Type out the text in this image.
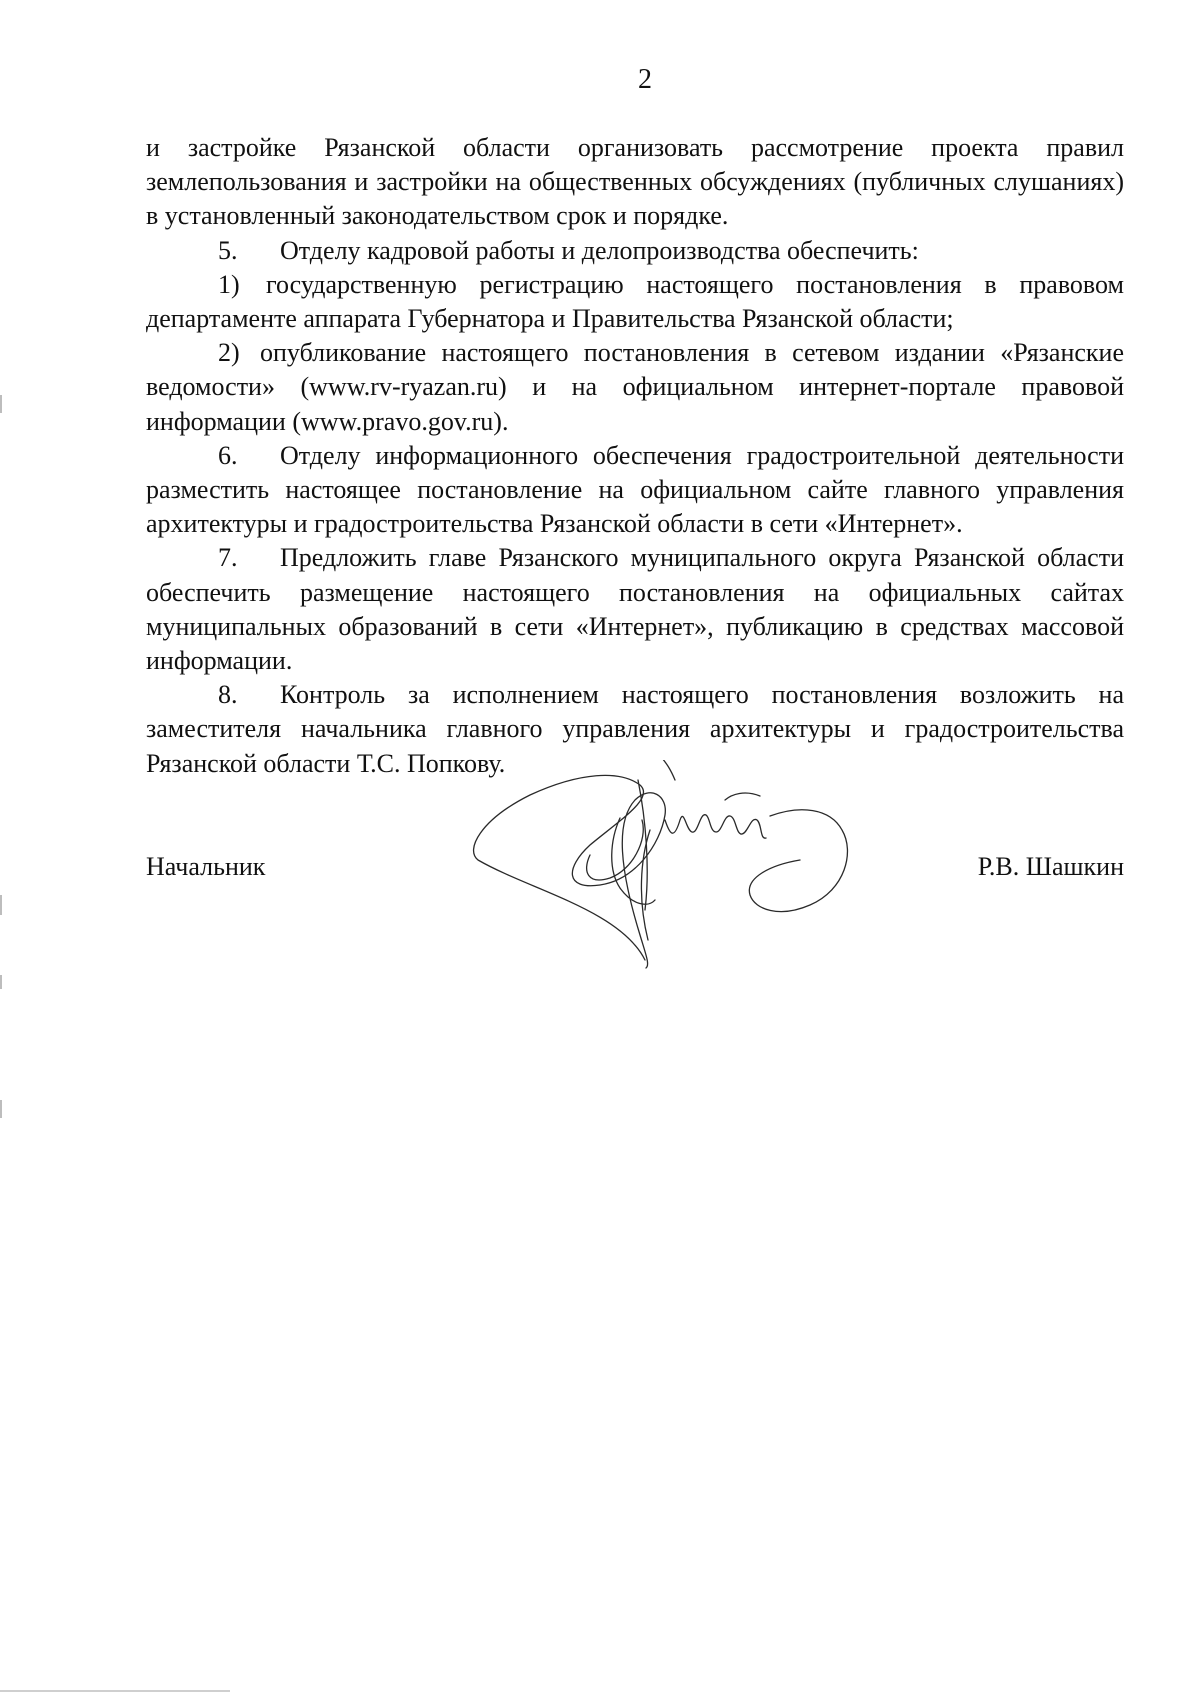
2

и застройке Рязанской области организовать рассмотрение проекта правил землепользования и застройки на общественных обсуждениях (публичных слушаниях) в установленный законодательством срок и порядке.

5. Отделу кадровой работы и делопроизводства обеспечить:

1) государственную регистрацию настоящего постановления в правовом департаменте аппарата Губернатора и Правительства Рязанской области;

2) опубликование настоящего постановления в сетевом издании «Рязанские ведомости» (www.rv-ryazan.ru) и на официальном интернет-портале правовой информации (www.pravo.gov.ru).

6. Отделу информационного обеспечения градостроительной деятельности разместить настоящее постановление на официальном сайте главного управления архитектуры и градостроительства Рязанской области в сети «Интернет».

7. Предложить главе Рязанского муниципального округа Рязанской области обеспечить размещение настоящего постановления на официальных сайтах муниципальных образований в сети «Интернет», публикацию в средствах массовой информации.

8. Контроль за исполнением настоящего постановления возложить на заместителя начальника главного управления архитектуры и градостроительства Рязанской области Т.С. Попкову.

Начальник	Р.В. Шашкин
